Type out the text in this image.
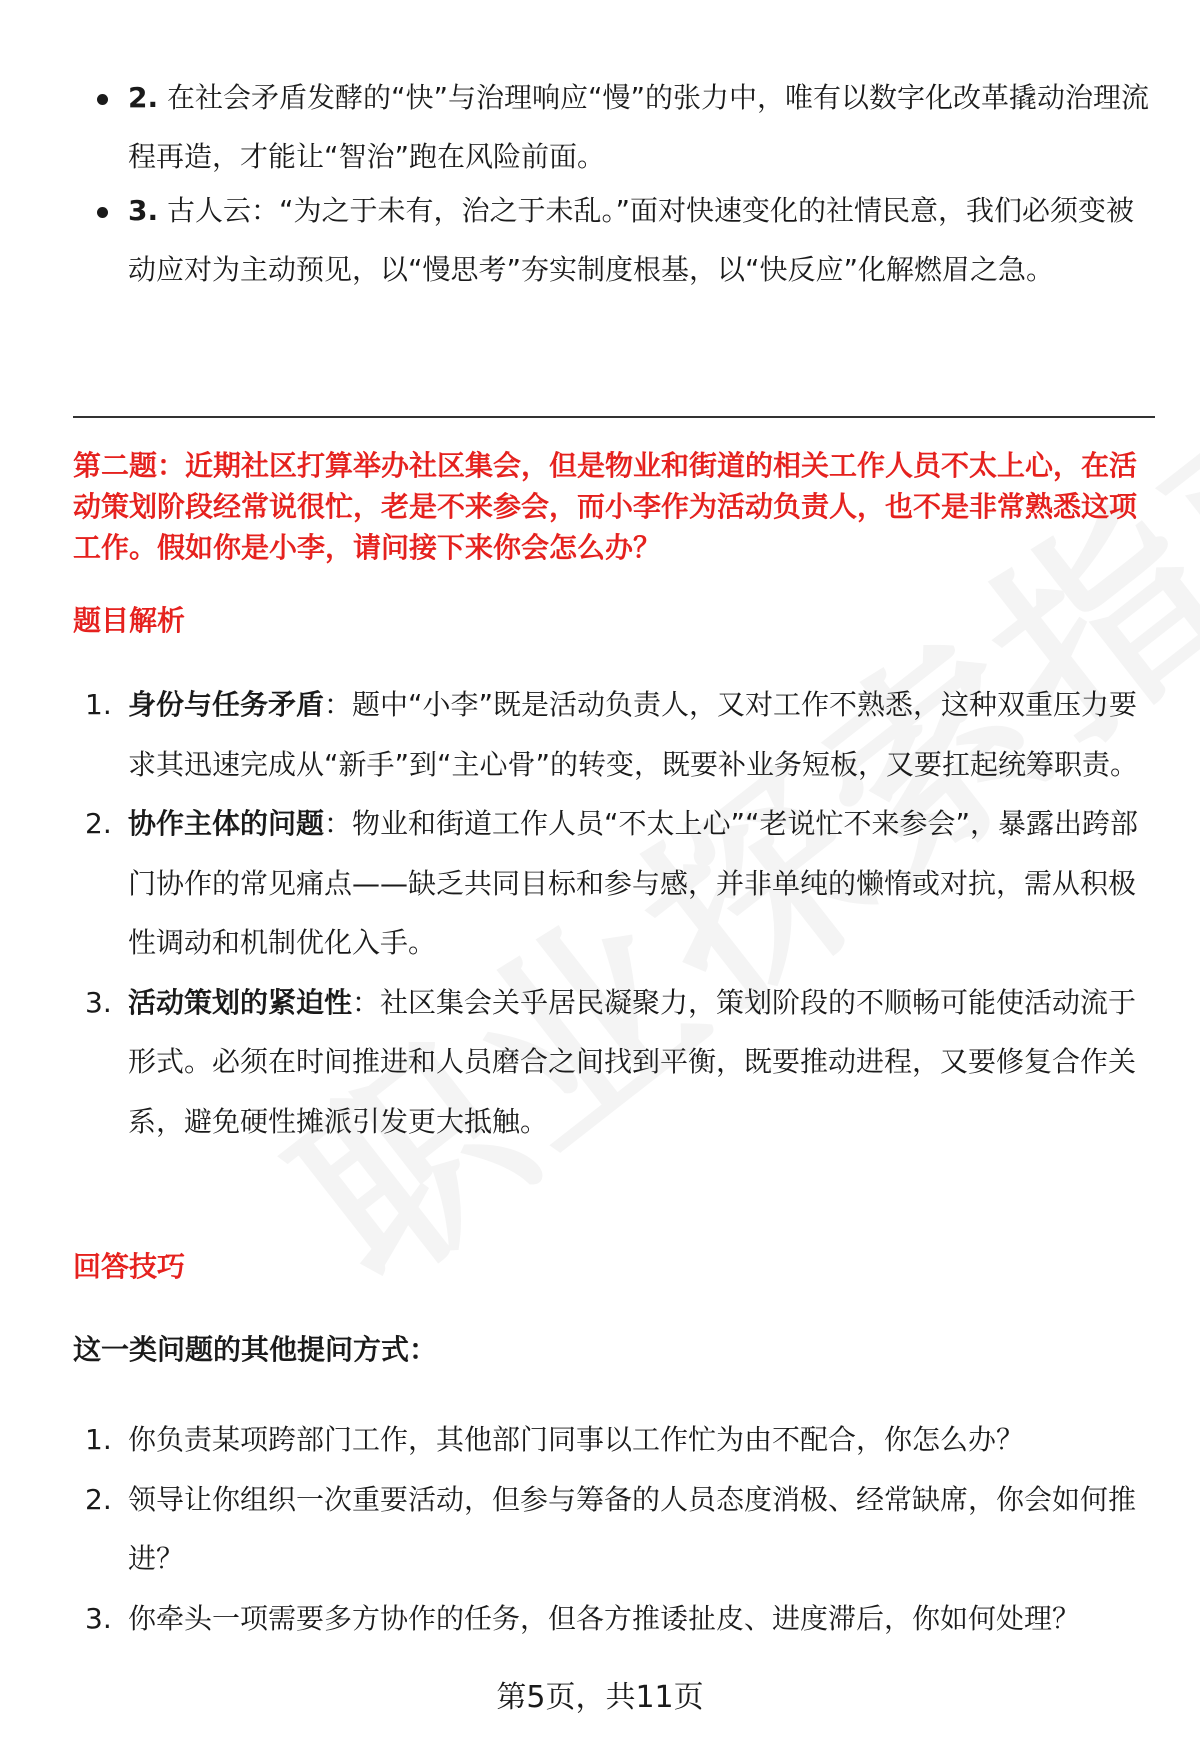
2. 在社会矛盾发酵的“快”与治理响应“慢”的张力中，唯有以数字化改革撬动治理流程再造，才能让“智治”跑在风险前面。
3. 古人云：“为之于未有，治之于未乱。”面对快速变化的社情民意，我们必须变被动应对为主动预见，以“慢思考”夯实制度根基，以“快反应”化解燃眉之急。
第二题：近期社区打算举办社区集会，但是物业和街道的相关工作人员不太上心，在活动策划阶段经常说很忙，老是不来参会，而小李作为活动负责人，也不是非常熟悉这项工作。假如你是小李，请问接下来你会怎么办？
题目解析
1. 身份与任务矛盾：题中“小李”既是活动负责人，又对工作不熟悉，这种双重压力要求其迅速完成从“新手”到“主心骨”的转变，既要补业务短板，又要扛起统筹职责。
2. 协作主体的问题：物业和街道工作人员“不太上心”“老说忙不来参会”，暴露出跨部门协作的常见痛点——缺乏共同目标和参与感，并非单纯的懒惰或对抗，需从积极性调动和机制优化入手。
3. 活动策划的紧迫性：社区集会关乎居民凝聚力，策划阶段的不顺畅可能使活动流于形式。必须在时间推进和人员磨合之间找到平衡，既要推动进程，又要修复合作关系，避免硬性摊派引发更大抵触。
回答技巧
这一类问题的其他提问方式：
1. 你负责某项跨部门工作，其他部门同事以工作忙为由不配合，你怎么办？
2. 领导让你组织一次重要活动，但参与筹备的人员态度消极、经常缺席，你会如何推进？
3. 你牵头一项需要多方协作的任务，但各方推诿扯皮、进度滞后，你如何处理？
第5页，共11页
